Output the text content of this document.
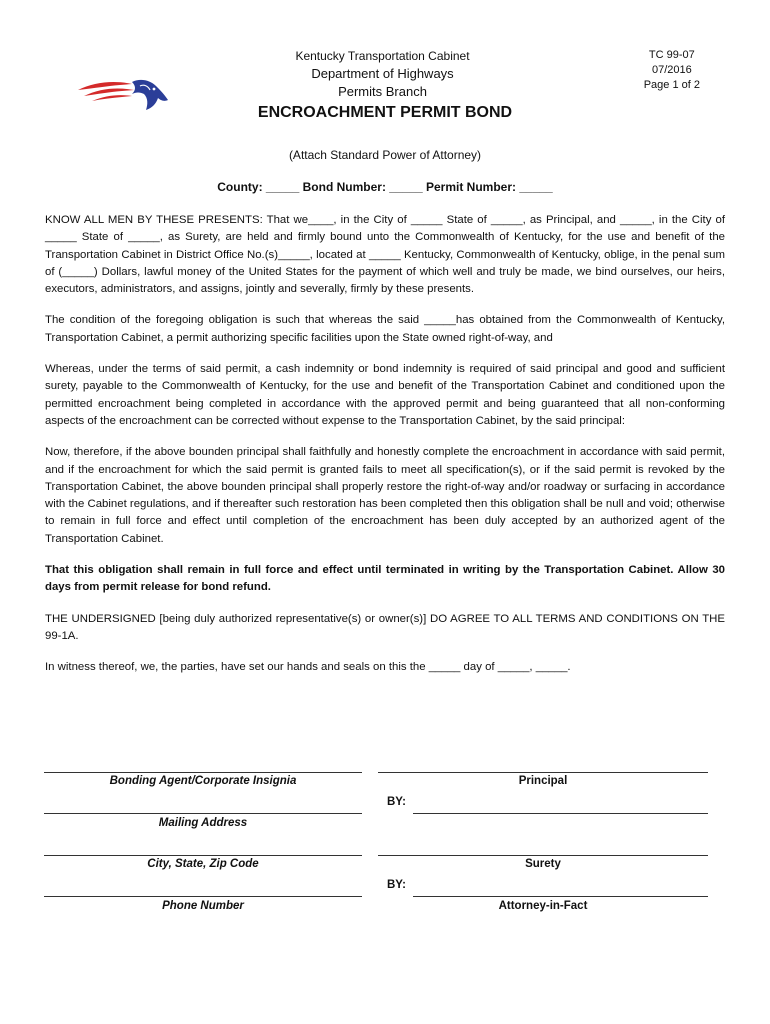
Kentucky Transportation Cabinet
Department of Highways
Permits Branch
TC 99-07
07/2016
Page 1 of 2
ENCROACHMENT PERMIT BOND
(Attach Standard Power of Attorney)
County: _____ Bond Number: _____ Permit Number: _____

KNOW ALL MEN BY THESE PRESENTS: That we____, in the City of _____ State of _____, as Principal, and _____, in the City of _____ State of _____, as Surety, are held and firmly bound unto the Commonwealth of Kentucky, for the use and benefit of the Transportation Cabinet in District Office No.(s)_____, located at _____ Kentucky, Commonwealth of Kentucky, oblige, in the penal sum of (_____) Dollars, lawful money of the United States for the payment of which well and truly be made, we bind ourselves, our heirs, executors, administrators, and assigns, jointly and severally, firmly by these presents.

The condition of the foregoing obligation is such that whereas the said _____has obtained from the Commonwealth of Kentucky, Transportation Cabinet, a permit authorizing specific facilities upon the State owned right-of-way, and

Whereas, under the terms of said permit, a cash indemnity or bond indemnity is required of said principal and good and sufficient surety, payable to the Commonwealth of Kentucky, for the use and benefit of the Transportation Cabinet and conditioned upon the permitted encroachment being completed in accordance with the approved permit and being guaranteed that all non-conforming aspects of the encroachment can be corrected without expense to the Transportation Cabinet, by the said principal:

Now, therefore, if the above bounden principal shall faithfully and honestly complete the encroachment in accordance with said permit, and if the encroachment for which the said permit is granted fails to meet all specification(s), or if the said permit is revoked by the Transportation Cabinet, the above bounden principal shall properly restore the right-of-way and/or roadway or surfacing in accordance with the Cabinet regulations, and if thereafter such restoration has been completed then this obligation shall be null and void; otherwise to remain in full force and effect until completion of the encroachment has been duly accepted by an authorized agent of the Transportation Cabinet.

That this obligation shall remain in full force and effect until terminated in writing by the Transportation Cabinet. Allow 30 days from permit release for bond refund.

THE UNDERSIGNED [being duly authorized representative(s) or owner(s)] DO AGREE TO ALL TERMS AND CONDITIONS ON THE 99-1A.

In witness thereof, we, the parties, have set our hands and seals on this the _____ day of _____, _____.

Bonding Agent/Corporate Insignia
Mailing Address
City, State, Zip Code
Phone Number
Principal
BY:
Surety
BY:
Attorney-in-Fact
